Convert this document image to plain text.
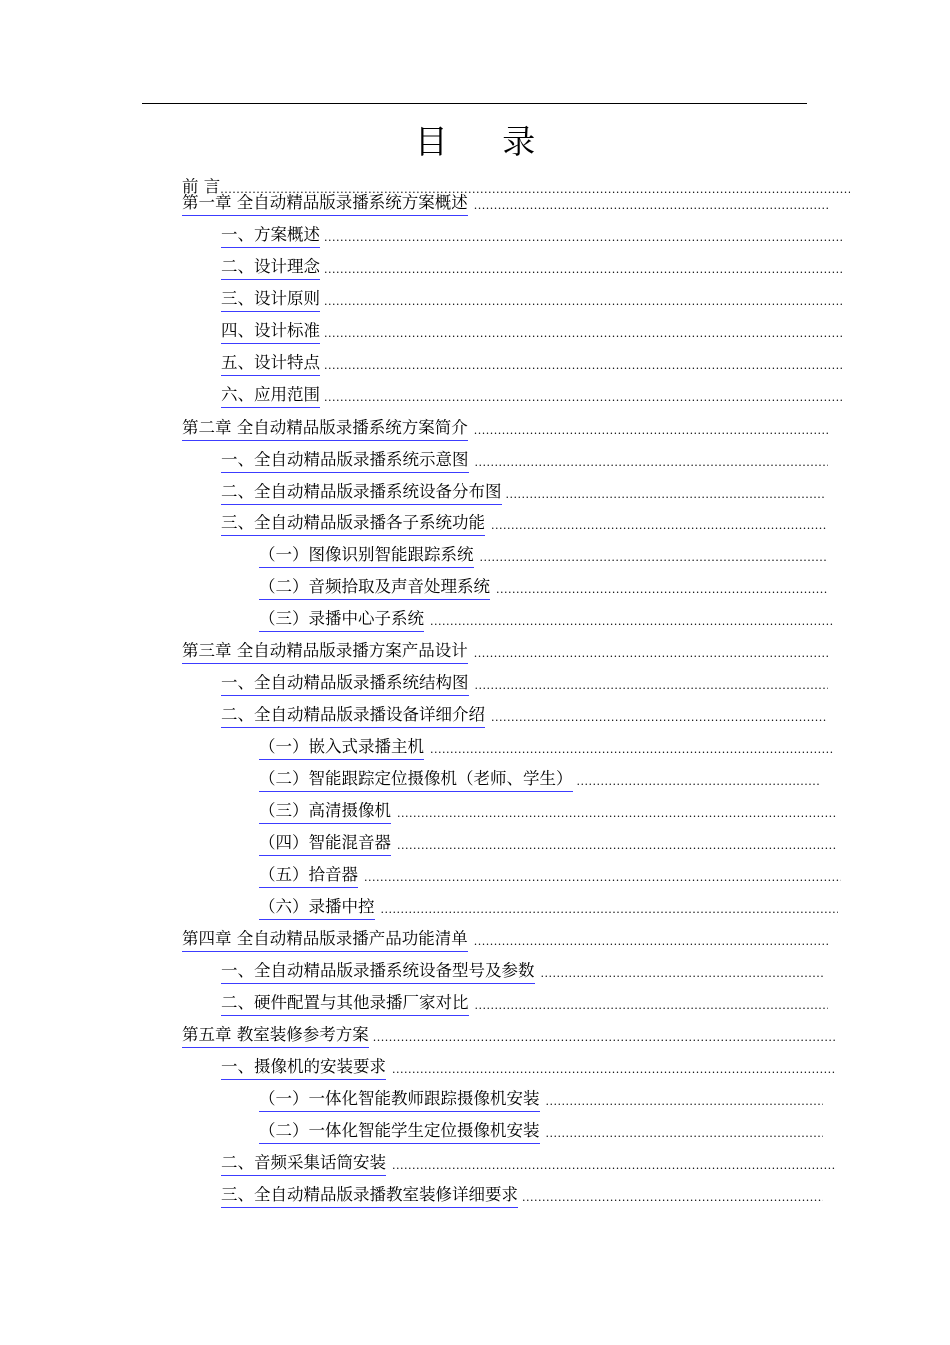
目 录
前 言
.....
第一章 全自动精品版录播系统方案概述
.....
一、方案概述
.....
二、设计理念
.....
三、设计原则
.....
四、设计标准
.....
五、设计特点
.....
六、应用范围
.....
第二章 全自动精品版录播系统方案简介
.....
一、全自动精品版录播系统示意图
.....
二、全自动精品版录播系统设备分布图
.....
三、全自动精品版录播各子系统功能
.....
（一）图像识别智能跟踪系统
.....
（二）音频拾取及声音处理系统
.....
（三）录播中心子系统
.....
第三章 全自动精品版录播方案产品设计
.....
一、全自动精品版录播系统结构图
.....
二、全自动精品版录播设备详细介绍
.....
（一）嵌入式录播主机
.....
（二）智能跟踪定位摄像机（老师、学生）
.....
（三）高清摄像机
.....
（四）智能混音器
.....
（五）拾音器
.....
（六）录播中控
.....
第四章 全自动精品版录播产品功能清单
.....
一、全自动精品版录播系统设备型号及参数
.....
二、硬件配置与其他录播厂家对比
.....
第五章 教室装修参考方案
.....
一、摄像机的安装要求
.....
（一）一体化智能教师跟踪摄像机安装
.....
（二）一体化智能学生定位摄像机安装
.....
二、音频采集话筒安装
.....
三、全自动精品版录播教室装修详细要求
.....
